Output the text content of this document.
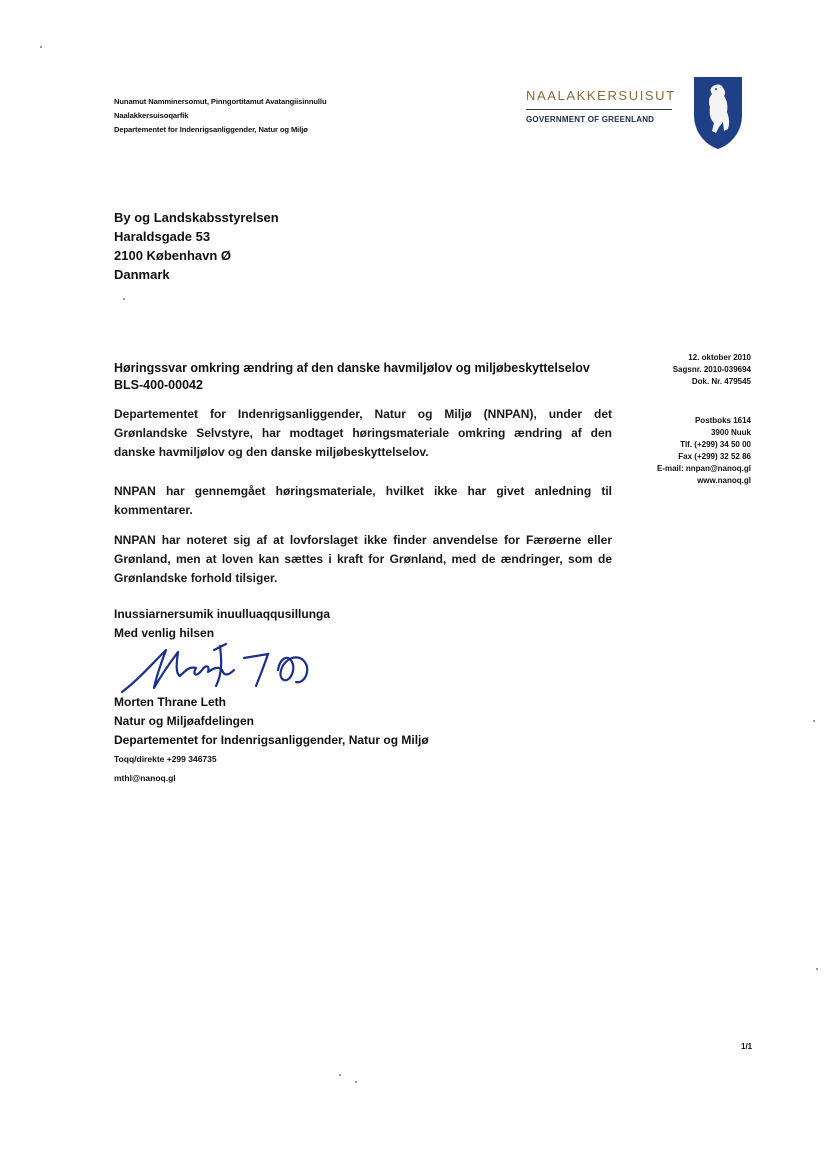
Nunamut Namminersomut, Pinngortitamut Avatangiisinnullu
Naalakkersuisoqarfik
Departementet for Indenrigsanliggender, Natur og Miljø
NAALAKKERSUISUT
GOVERNMENT OF GREENLAND
By og Landskabsstyrelsen
Haraldsgade 53
2100 København Ø
Danmark
12. oktober 2010
Sagsnr. 2010-039694
Dok. Nr. 479545
Postboks 1614
3900 Nuuk
Tlf. (+299) 34 50 00
Fax (+299) 32 52 86
E-mail: nnpan@nanoq.gl
www.nanoq.gl
Høringssvar omkring ændring af den danske havmiljølov og miljøbeskyttelselov
BLS-400-00042
Departementet for Indenrigsanliggender, Natur og Miljø (NNPAN), under det Grønlandske Selvstyre, har modtaget høringsmateriale omkring ændring af den danske havmiljølov og den danske miljøbeskyttelselov.
NNPAN har gennemgået høringsmateriale, hvilket ikke har givet anledning til kommentarer.
NNPAN har noteret sig af at lovforslaget ikke finder anvendelse for Færøerne eller Grønland, men at loven kan sættes i kraft for Grønland, med de ændringer, som de Grønlandske forhold tilsiger.
Inussiarnersumik inuulluaqqusillunga
Med venlig hilsen
Morten Thrane Leth
Natur og Miljøafdelingen
Departementet for Indenrigsanliggender, Natur og Miljø
Toqq/direkte +299 346735
mthl@nanoq.gl
1/1
